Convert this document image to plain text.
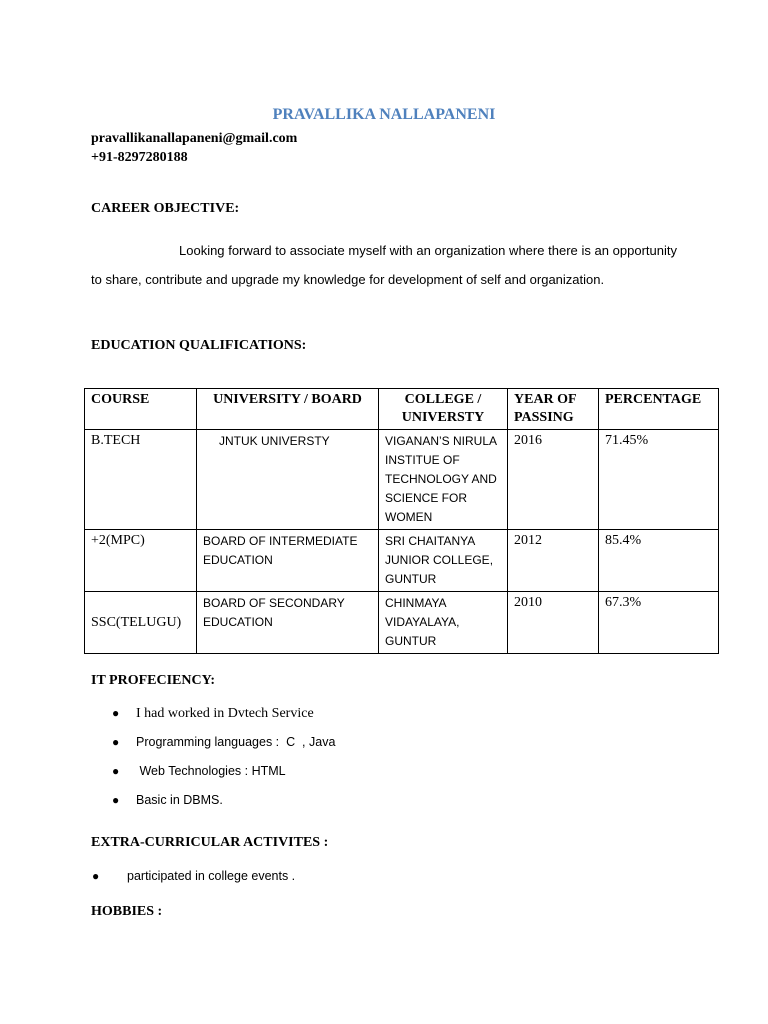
PRAVALLIKA NALLAPANENI
pravallikanallapaneni@gmail.com
+91-8297280188
CAREER OBJECTIVE:
Looking forward to associate myself with an organization where there is an opportunity to share, contribute and upgrade my knowledge for development of self and organization.
EDUCATION QUALIFICATIONS:
COURSE	UNIVERSITY / BOARD	COLLEGE / UNIVERSTY	YEAR OF PASSING	PERCENTAGE
B.TECH	JNTUK UNIVERSTY	VIGANAN’S NIRULA INSTITUE OF TECHNOLOGY AND SCIENCE FOR WOMEN	2016	71.45%
+2(MPC)	BOARD OF INTERMEDIATE EDUCATION	SRI CHAITANYA JUNIOR COLLEGE, GUNTUR	2012	85.4%
SSC(TELUGU)	BOARD OF SECONDARY EDUCATION	CHINMAYA VIDAYALAYA, GUNTUR	2010	67.3%
IT PROFECIENCY:
● I had worked in Dvtech Service
● Programming languages :  C  , Java
● Web Technologies : HTML
● Basic in DBMS.
EXTRA-CURRICULAR ACTIVITES :
● participated in college events .
HOBBIES :
